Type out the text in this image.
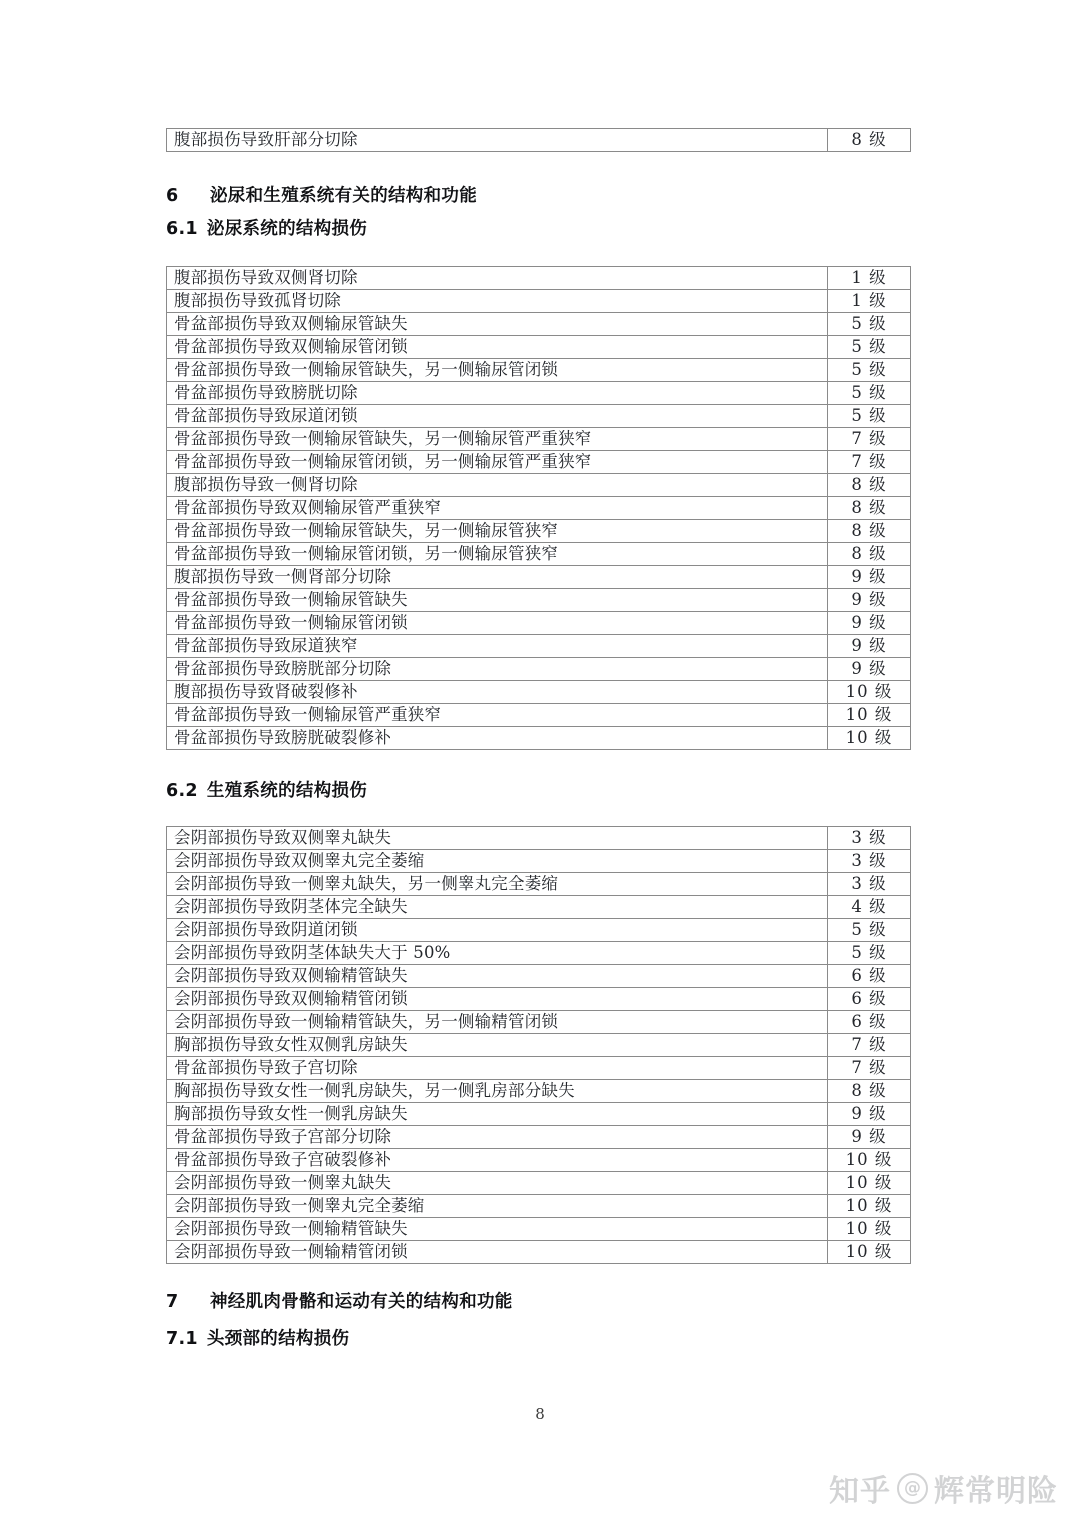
腹部损伤导致肝部分切除	8 级
6 泌尿和生殖系统有关的结构和功能
6.1 泌尿系统的结构损伤
腹部损伤导致双侧肾切除	1 级
腹部损伤导致孤肾切除	1 级
骨盆部损伤导致双侧输尿管缺失	5 级
骨盆部损伤导致双侧输尿管闭锁	5 级
骨盆部损伤导致一侧输尿管缺失，另一侧输尿管闭锁	5 级
骨盆部损伤导致膀胱切除	5 级
骨盆部损伤导致尿道闭锁	5 级
骨盆部损伤导致一侧输尿管缺失，另一侧输尿管严重狭窄	7 级
骨盆部损伤导致一侧输尿管闭锁，另一侧输尿管严重狭窄	7 级
腹部损伤导致一侧肾切除	8 级
骨盆部损伤导致双侧输尿管严重狭窄	8 级
骨盆部损伤导致一侧输尿管缺失，另一侧输尿管狭窄	8 级
骨盆部损伤导致一侧输尿管闭锁，另一侧输尿管狭窄	8 级
腹部损伤导致一侧肾部分切除	9 级
骨盆部损伤导致一侧输尿管缺失	9 级
骨盆部损伤导致一侧输尿管闭锁	9 级
骨盆部损伤导致尿道狭窄	9 级
骨盆部损伤导致膀胱部分切除	9 级
腹部损伤导致肾破裂修补	10 级
骨盆部损伤导致一侧输尿管严重狭窄	10 级
骨盆部损伤导致膀胱破裂修补	10 级
6.2 生殖系统的结构损伤
会阴部损伤导致双侧睾丸缺失	3 级
会阴部损伤导致双侧睾丸完全萎缩	3 级
会阴部损伤导致一侧睾丸缺失，另一侧睾丸完全萎缩	3 级
会阴部损伤导致阴茎体完全缺失	4 级
会阴部损伤导致阴道闭锁	5 级
会阴部损伤导致阴茎体缺失大于 50%	5 级
会阴部损伤导致双侧输精管缺失	6 级
会阴部损伤导致双侧输精管闭锁	6 级
会阴部损伤导致一侧输精管缺失，另一侧输精管闭锁	6 级
胸部损伤导致女性双侧乳房缺失	7 级
骨盆部损伤导致子宫切除	7 级
胸部损伤导致女性一侧乳房缺失，另一侧乳房部分缺失	8 级
胸部损伤导致女性一侧乳房缺失	9 级
骨盆部损伤导致子宫部分切除	9 级
骨盆部损伤导致子宫破裂修补	10 级
会阴部损伤导致一侧睾丸缺失	10 级
会阴部损伤导致一侧睾丸完全萎缩	10 级
会阴部损伤导致一侧输精管缺失	10 级
会阴部损伤导致一侧输精管闭锁	10 级
7 神经肌肉骨骼和运动有关的结构和功能
7.1 头颈部的结构损伤
8
知乎 @ 辉常明险
